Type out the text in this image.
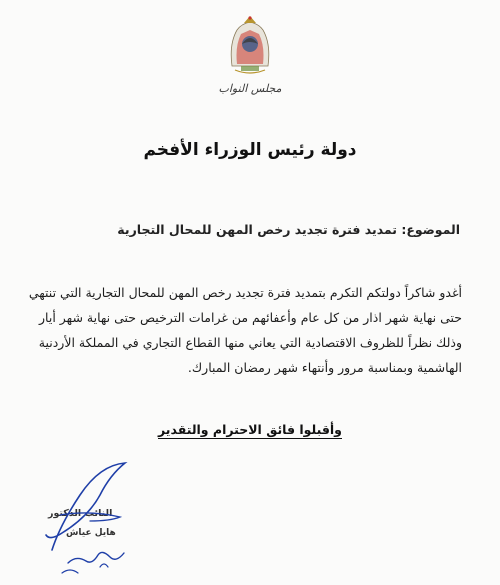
مجلس النواب
دولة رئيس الوزراء الأفخم
الموضوع: تمديد فترة تجديد رخص المهن للمحال التجارية
أغدو شاكراً دولتكم التكرم بتمديد فترة تجديد رخص المهن للمحال التجارية التي تنتهي
حتى نهاية شهر اذار من كل عام وأعفائهم من غرامات الترخيص حتى نهاية شهر أيار
وذلك نظراً للظروف الاقتصادية التي يعاني منها القطاع التجاري في المملكة الأردنية
الهاشمية وبمناسبة مرور وأنتهاء شهر رمضان المبارك.
وأقبلوا فائق الاحترام والتقدير
النائب الدكتور
هايل عياش
